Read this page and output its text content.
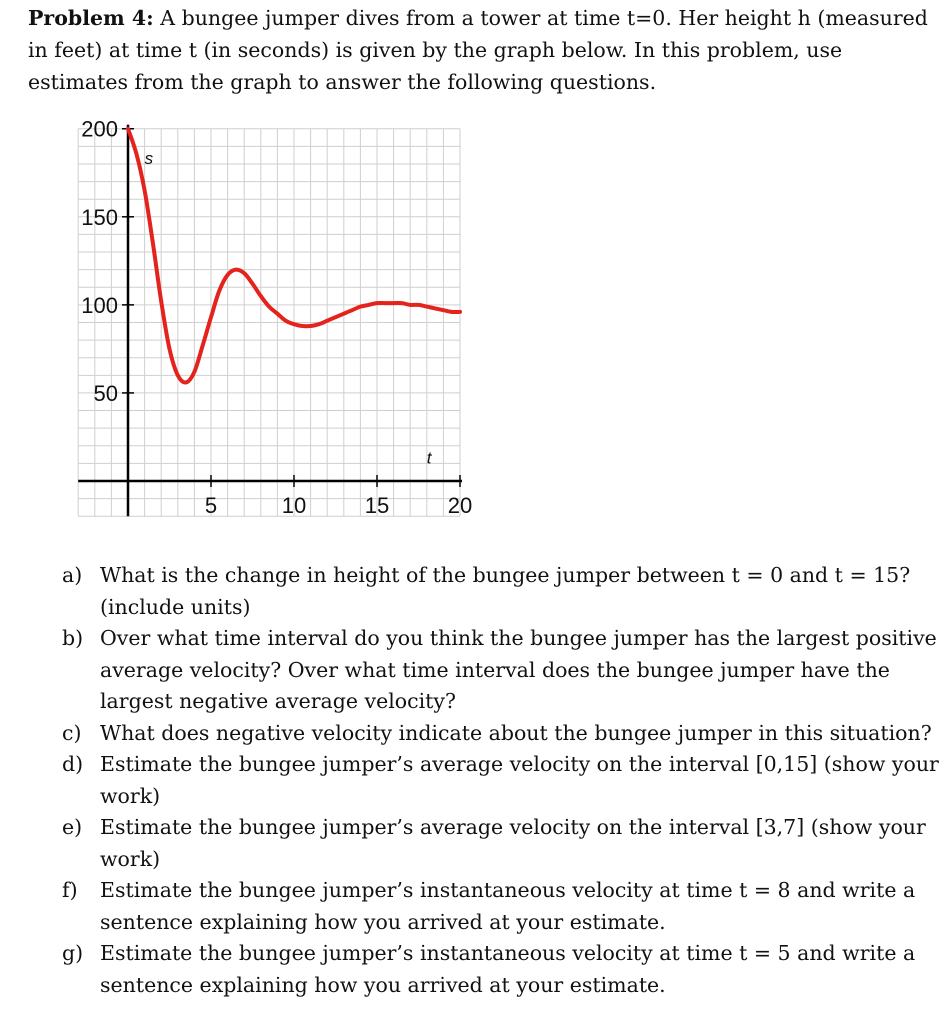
Problem 4: A bungee jumper dives from a tower at time t=0. Her height h (measured in feet) at time t (in seconds) is given by the graph below. In this problem, use estimates from the graph to answer the following questions.

5	10	15	20
200
150
100
50
t
s
a) What is the change in height of the bungee jumper between t = 0 and t = 15? (include units)
b) Over what time interval do you think the bungee jumper has the largest positive average velocity? Over what time interval does the bungee jumper have the largest negative average velocity?
c) What does negative velocity indicate about the bungee jumper in this situation?
d) Estimate the bungee jumper’s average velocity on the interval [0,15] (show your work)
e) Estimate the bungee jumper’s average velocity on the interval [3,7] (show your work)
f)	Estimate the bungee jumper’s instantaneous velocity at time t = 8 and write a sentence explaining how you arrived at your estimate.
g) Estimate the bungee jumper’s instantaneous velocity at time t = 5 and write a sentence explaining how you arrived at your estimate.
